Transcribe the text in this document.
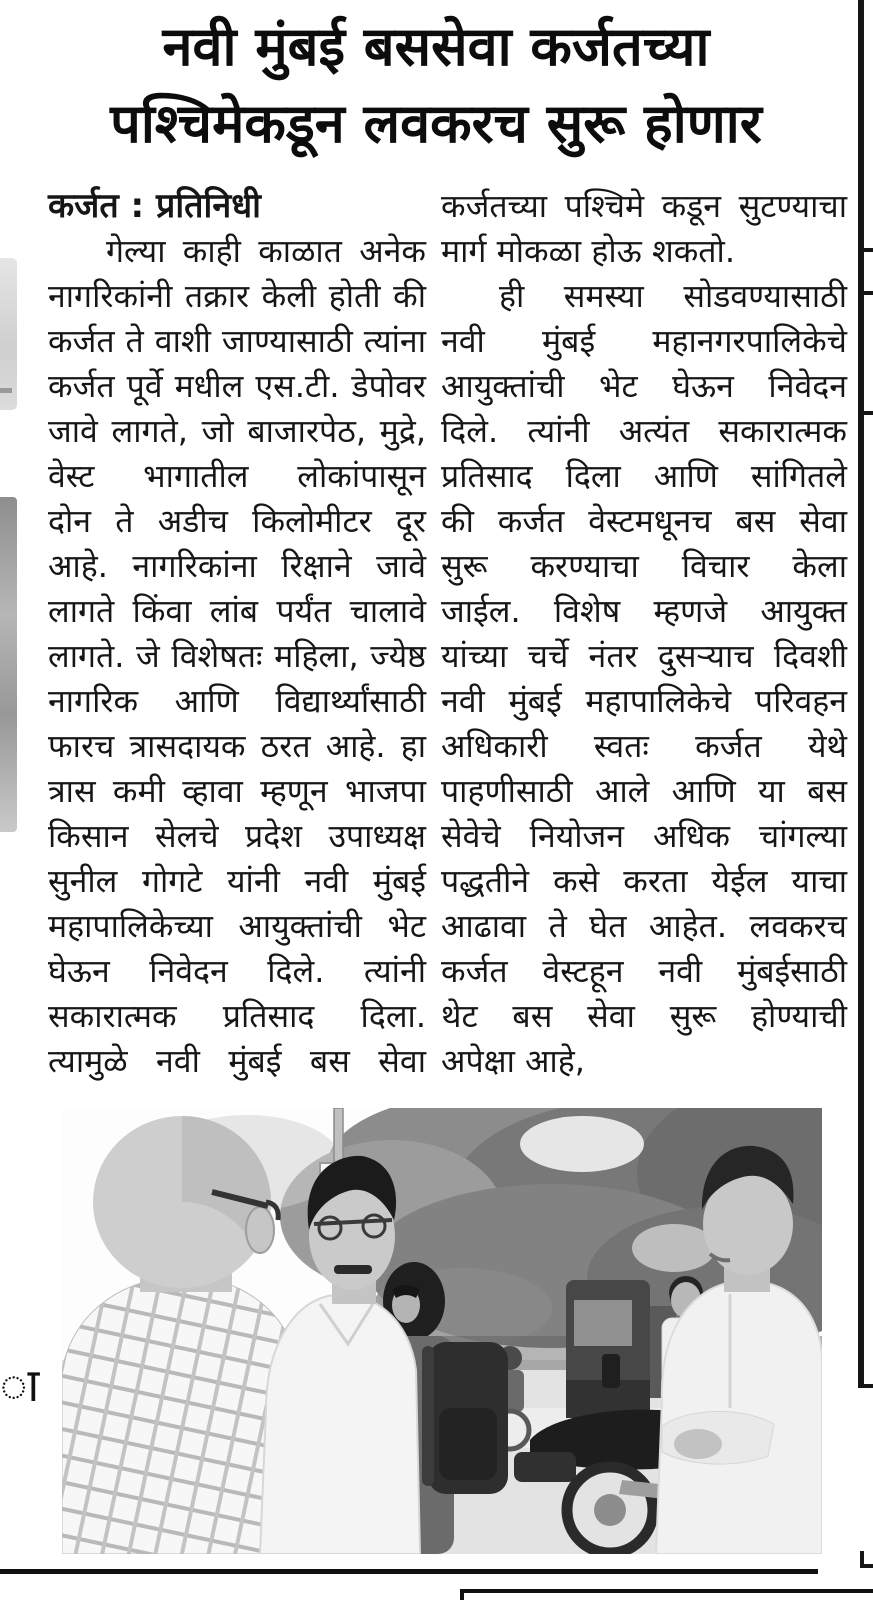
नवी मुंबई बससेवा कर्जतच्या
पश्चिमेकडून लवकरच सुरू होणार
कर्जत : प्रतिनिधी
गेल्या काही काळात अनेक
नागरिकांनी तक्रार केली होती की
कर्जत ते वाशी जाण्यासाठी त्यांना
कर्जत पूर्वे मधील एस.टी. डेपोवर
जावे लागते, जो बाजारपेठ, मुद्रे,
वेस्ट भागातील लोकांपासून
दोन ते अडीच किलोमीटर दूर
आहे. नागरिकांना रिक्षाने जावे
लागते किंवा लांब पर्यंत चालावे
लागते. जे विशेषतः महिला, ज्येष्ठ
नागरिक आणि विद्यार्थ्यांसाठी
फारच त्रासदायक ठरत आहे. हा
त्रास कमी व्हावा म्हणून भाजपा
किसान सेलचे प्रदेश उपाध्यक्ष
सुनील गोगटे यांनी नवी मुंबई
महापालिकेच्या आयुक्तांची भेट
घेऊन निवेदन दिले. त्यांनी
सकारात्मक प्रतिसाद दिला.
त्यामुळे नवी मुंबई बस सेवा
कर्जतच्या पश्चिमे कडून सुटण्याचा
मार्ग मोकळा होऊ शकतो.
ही समस्या सोडवण्यासाठी
नवी मुंबई महानगरपालिकेचे
आयुक्तांची भेट घेऊन निवेदन
दिले. त्यांनी अत्यंत सकारात्मक
प्रतिसाद दिला आणि सांगितले
की कर्जत वेस्टमधूनच बस सेवा
सुरू करण्याचा विचार केला
जाईल. विशेष म्हणजे आयुक्त
यांच्या चर्चे नंतर दुसऱ्याच दिवशी
नवी मुंबई महापालिकेचे परिवहन
अधिकारी स्वतः कर्जत येथे
पाहणीसाठी आले आणि या बस
सेवेचे नियोजन अधिक चांगल्या
पद्धतीने कसे करता येईल याचा
आढावा ते घेत आहेत. लवकरच
कर्जत वेस्टहून नवी मुंबईसाठी
थेट बस सेवा सुरू होण्याची
अपेक्षा आहे,
ा
